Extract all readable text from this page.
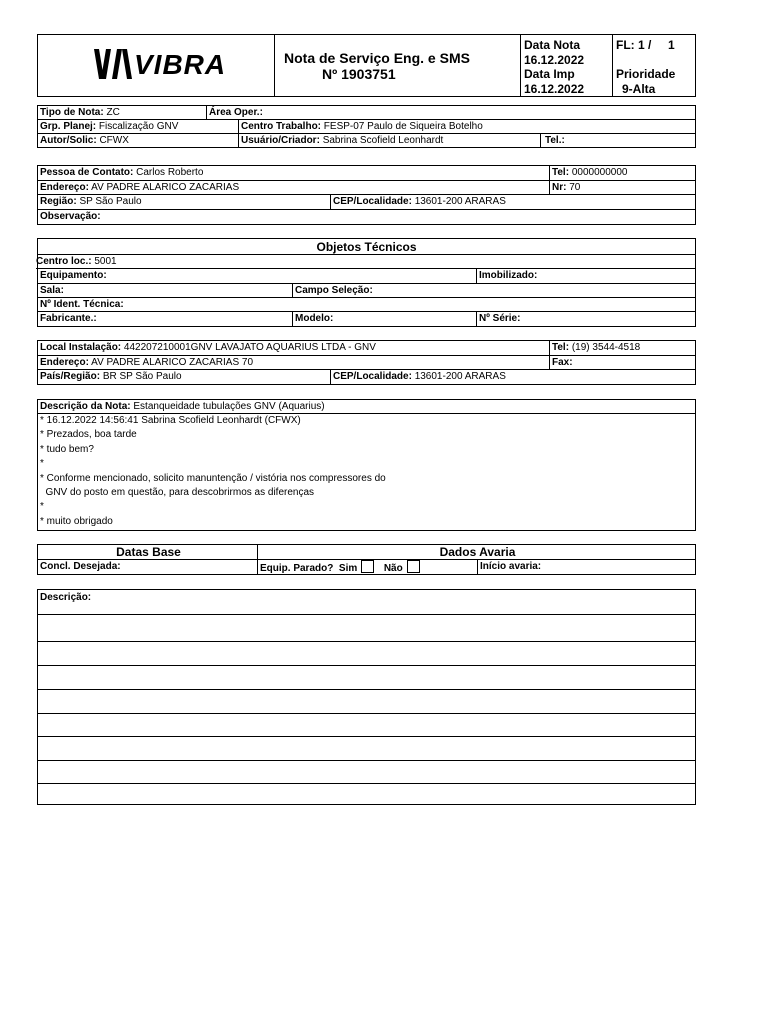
VIBRA	Nota de Serviço Eng. e SMS
Nº 1903751
Data Nota
16.12.2022
Data Imp
16.12.2022
FL: 1 / 1
Prioridade
9-Alta
Tipo de Nota: ZC	Área Oper.:
Grp. Planej: Fiscalização GNV	Centro Trabalho: FESP-07 Paulo de Siqueira Botelho
Autor/Solic: CFWX	Usuário/Criador: Sabrina Scofield Leonhardt	Tel.:
Pessoa de Contato: Carlos Roberto	Tel: 0000000000
Endereço: AV PADRE ALARICO ZACARIAS	Nr: 70
Região: SP São Paulo	CEP/Localidade: 13601-200 ARARAS
Observação:
Objetos Técnicos
Centro loc.: 5001
Equipamento:	Imobilizado:
Sala:	Campo Seleção:
Nº Ident. Técnica:
Fabricante.:	Modelo:	Nº Série:
Local Instalação: 442207210001GNV LAVAJATO AQUARIUS LTDA - GNV	Tel: (19) 3544-4518
Endereço: AV PADRE ALARICO ZACARIAS 70	Fax:
País/Região: BR SP São Paulo	CEP/Localidade: 13601-200 ARARAS
Descrição da Nota: Estanqueidade tubulações GNV (Aquarius)
* 16.12.2022 14:56:41 Sabrina Scofield Leonhardt (CFWX)
* Prezados, boa tarde
* tudo bem?
*
* Conforme mencionado, solicito manuntenção / vistória nos compressores do
GNV do posto em questão, para descobrirmos as diferenças
*
* muito obrigado
Datas Base	Dados Avaria
Concl. Desejada:	Equip. Parado? Sim	Não	Início avaria:
Descrição:
